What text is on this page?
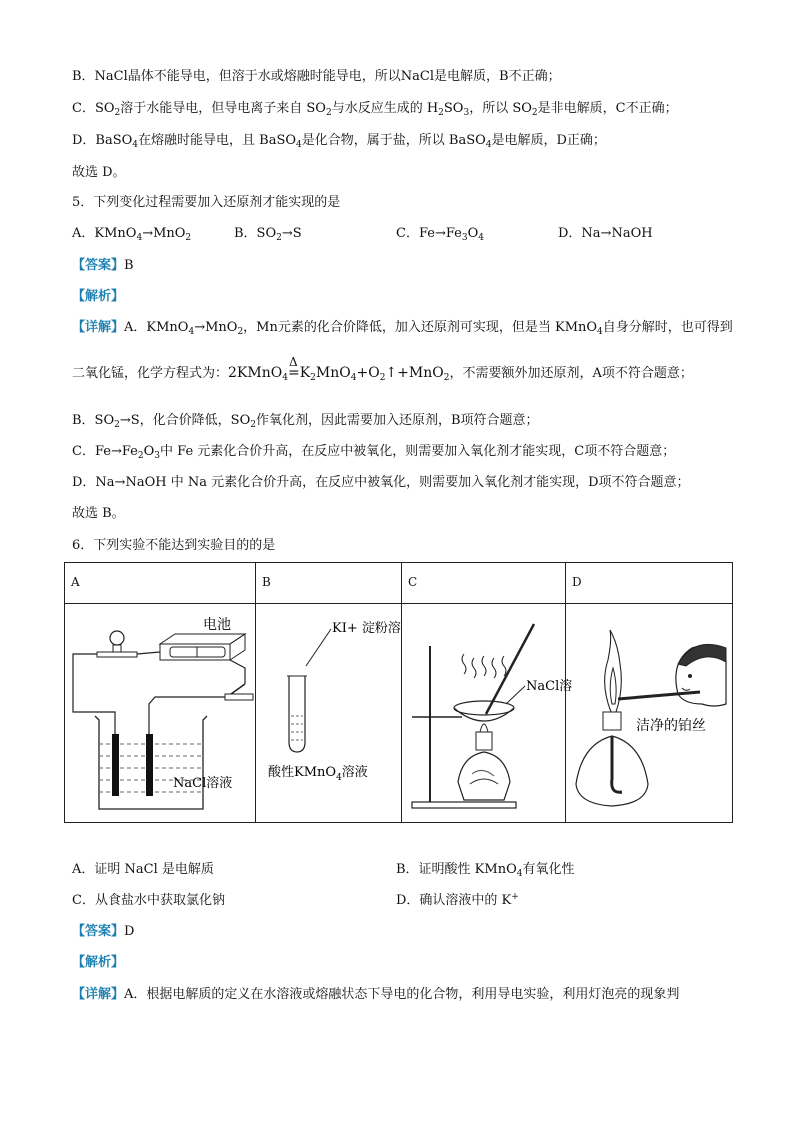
B．NaCl晶体不能导电，但溶于水或熔融时能导电，所以NaCl是电解质，B不正确；
C．$SO_2$溶于水能导电，但导电离子来自 $SO_2$与水反应生成的 $H_2SO_3$，所以 $SO_2$是非电解质，C不正确；
D．BaSO$_4$在熔融时能导电，且 BaSO$_4$是化合物，属于盐，所以 BaSO$_4$是电解质，D正确；
故选 D。
5．下列变化过程需要加入还原剂才能实现的是
A．KMnO$_4$→MnO$_2$	B．$SO_2\to S$	C．$Fe\to Fe_3O_4$	D．Na→NaOH
【答案】B
【解析】
【详解】A．KMnO$_4$→MnO$_2$，Mn元素的化合价降低，加入还原剂可实现，但是当 KMnO$_4$自身分解时，也可得到
二氧化锰，化学方程式为：2KMnO$_4$
Δ
$=K_2MnO_4+O_2↑+MnO_2$，不需要额外加还原剂，A项不符合题意；
B．$SO_2\to S$，化合价降低，$SO_2$作氧化剂，因此需要加入还原剂，B项符合题意；
C．$Fe\to Fe_2O_3$中 Fe 元素化合价升高，在反应中被氧化，则需要加入氧化剂才能实现，C项不符合题意；
D．Na→NaOH 中 Na 元素化合价升高，在反应中被氧化，则需要加入氧化剂才能实现，D项不符合题意；
故选 B。
6．下列实验不能达到实验目的的是
A	B	C	D

电池
NaCl溶液	KI+ 淀粉溶
酸性KMnO$_4$溶液	NaCl溶	洁净的铂丝
A．证明 NaCl 是电解质	B．证明酸性 KMnO$_4$有氧化性
C．从食盐水中获取氯化钠	D．确认溶液中的 K+
【答案】D
【解析】
【详解】A．根据电解质的定义在水溶液或熔融状态下导电的化合物，利用导电实验，利用灯泡亮的现象判
